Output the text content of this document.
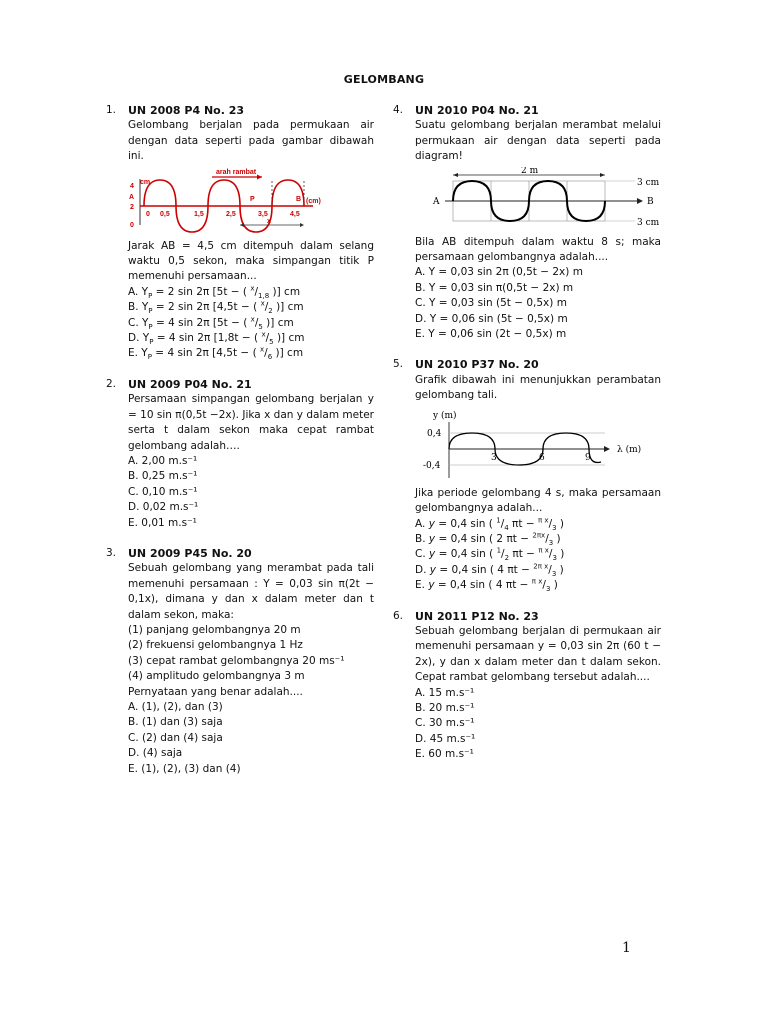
GELOMBANG
1. UN 2008 P4 No. 23

Gelombang berjalan pada permukaan air dengan data seperti pada gambar dibawah ini.

arah rambat
4
cm
A
2
0
P	B (cm)
0 0,5	1,5	2,5	3,5	4,5
x

Jarak AB = 4,5 cm ditempuh dalam selang waktu 0,5 sekon, maka simpangan titik P memenuhi persamaan...

A. $Y_P = 2$ sin 2π [5t − ( $^x/_{1,8}$ )] cm
B. $Y_P = 2$ sin 2π [4,5t − ( $^x/_2$ )] cm
C. $Y_P = 4$ sin 2π [5t − ( $^x/_5$ )] cm
D. $Y_P = 4$ sin 2π [1,8t − ( $^x/_5$ )] cm
E. $Y_P = 4$ sin 2π [4,5t − ( $^x/_6$ )] cm
2. UN 2009 P04 No. 21

Persamaan simpangan gelombang berjalan y = 10 sin π(0,5t −2x). Jika x dan y dalam meter serta t dalam sekon maka cepat rambat gelombang adalah….

A. 2,00 m.s⁻¹
B. 0,25 m.s⁻¹
C. 0,10 m.s⁻¹
D. 0,02 m.s⁻¹
E. 0,01 m.s⁻¹
3. UN 2009 P45 No. 20

Sebuah gelombang yang merambat pada tali memenuhi persamaan : Y = 0,03 sin π(2t − 0,1x), dimana y dan x dalam meter dan t dalam sekon, maka:

(1) panjang gelombangnya 20 m
(2) frekuensi gelombangnya 1 Hz
(3) cepat rambat gelombangnya 20 ms⁻¹
(4) amplitudo gelombangnya 3 m

Pernyataan yang benar adalah....

A. (1), (2), dan (3)
B. (1) dan (3) saja
C. (2) dan (4) saja
D. (4) saja
E. (1), (2), (3) dan (4)
4. UN 2010 P04 No. 21

Suatu gelombang berjalan merambat melalui permukaan air dengan data seperti pada diagram!

2 m
A	B
3 cm
3 cm

Bila AB ditempuh dalam waktu 8 s; maka persamaan gelombangnya adalah....

A. Y = 0,03 sin 2π (0,5t − 2x) m
B. Y = 0,03 sin π(0,5t − 2x) m
C. Y = 0,03 sin (5t − 0,5x) m
D. Y = 0,06 sin (5t − 0,5x) m
E. Y = 0,06 sin (2t − 0,5x) m
5. UN 2010 P37 No. 20

Grafik dibawah ini menunjukkan perambatan gelombang tali.

y (m)
0,4
-0,4
3	6	9
λ (m)

Jika periode gelombang 4 s, maka persamaan gelombangnya adalah...

A. y = 0,4 sin ( $^1/_4$ $\pi t - ^{\pi x}/_3$ )
B. y = 0,4 sin ( 2 $\pi t - ^{2\pi x}/_3$ )
C. y = 0,4 sin ( $^1/_2$ $\pi t - ^{\pi x}/_3$ )
D. y = 0,4 sin ( 4 $\pi t - ^{2\pi x}/_3$ )
E. y = 0,4 sin ( 4 $\pi t - ^{\pi x}/_3$ )
6. UN 2011 P12 No. 23

Sebuah gelombang berjalan di permukaan air memenuhi persamaan y = 0,03 sin 2π (60 t − 2x), y dan x dalam meter dan t dalam sekon. Cepat rambat gelombang tersebut adalah....

A. 15 m.s⁻¹
B. 20 m.s⁻¹
C. 30 m.s⁻¹
D. 45 m.s⁻¹
E. 60 m.s⁻¹
1
